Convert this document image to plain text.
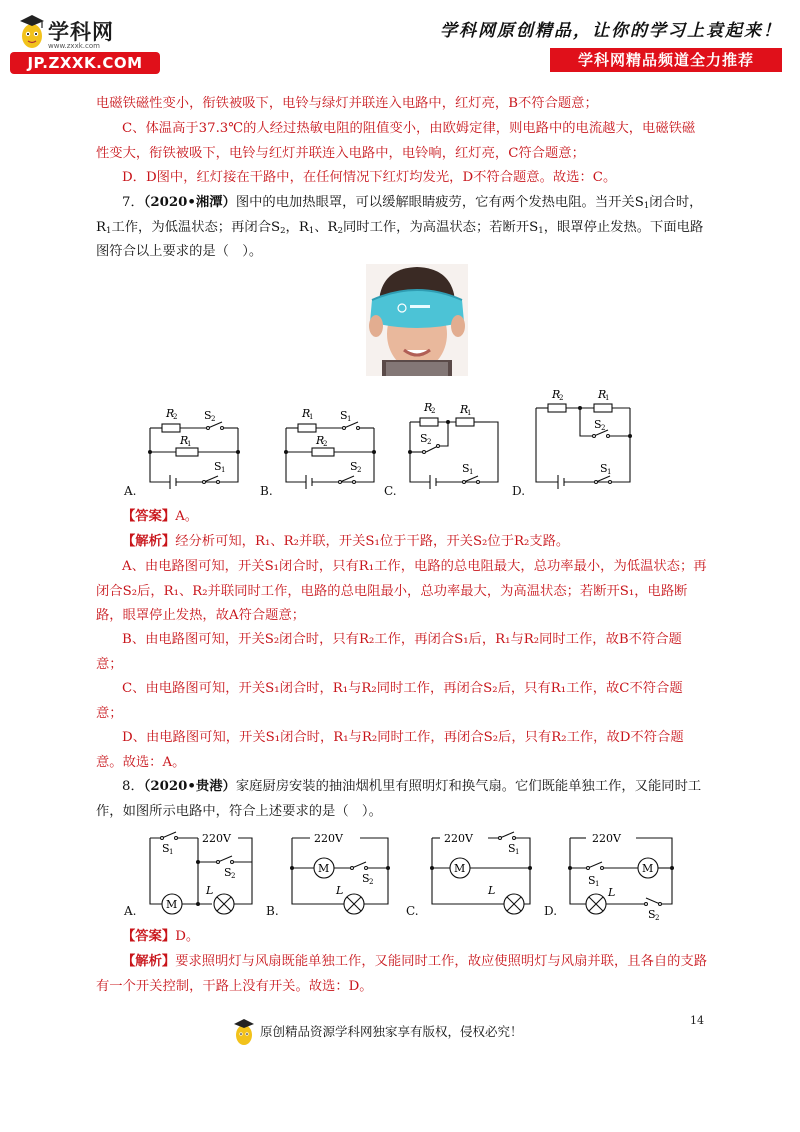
学科网
www.zxxk.com
JP.ZXXK.COM
学科网原创精品，让你的学习上袁起来！
学科网精品频道全力推荐

电磁铁磁性变小，衔铁被吸下，电铃与绿灯并联连入电路中，红灯亮，B不符合题意；

C、体温高于37.3℃的人经过热敏电阻的阻值变小，由欧姆定律，则电路中的电流越大，电磁铁磁性变大，衔铁被吸下，电铃与红灯并联连入电路中，电铃响，红灯亮，C符合题意；

D．D图中，红灯接在干路中，在任何情况下红灯均发光，D不符合题意。故选：C。

7．（2020•湘潭）图中的电加热眼罩，可以缓解眼睛疲劳，它有两个发热电阻。当开关$S_1$闭合时，$R_1$工作，为低温状态；再闭合$S_2$，$R_1$、$R_2$同时工作，为高温状态；若断开$S_1$，眼罩停止发热。下面电路图符合以上要求的是（　）。

A.
R
2 S 2
R
1
S 1
B.
R
1 S 1
R
2
S 2
C.
R
2 R
1
S 2
S 1
D.
R
2	R
1
S 2
S 1

【答案】A。

【解析】经分析可知，R₁、R₂并联，开关S₁位于干路，开关S₂位于R₂支路。

A、由电路图可知，开关S₁闭合时，只有R₁工作，电路的总电阻最大，总功率最小，为低温状态；再闭合S₂后，R₁、R₂并联同时工作，电路的总电阻最小，总功率最大，为高温状态；若断开S₁，电路断路，眼罩停止发热，故A符合题意；

B、由电路图可知，开关S₂闭合时，只有R₂工作，再闭合S₁后，R₁与R₂同时工作，故B不符合题意；

C、由电路图可知，开关S₁闭合时，R₁与R₂同时工作，再闭合S₂后，只有R₁工作，故C不符合题意；

D、由电路图可知，开关S₁闭合时，R₁与R₂同时工作，再闭合S₂后，只有R₂工作，故D不符合题意。故选：A。

8．（2020•贵港）家庭厨房安装的抽油烟机里有照明灯和换气扇。它们既能单独工作，又能同时工作，如图所示电路中，符合上述要求的是（　）。

A.	M
L
220V
S 1
S 2
B.
M
L
220V
S 2
C.
M
L
220V
S 1
D.
M
L
220V
S 1
S 2

【答案】D。

【解析】要求照明灯与风扇既能单独工作，又能同时工作，故应使照明灯与风扇并联，且各自的支路有一个开关控制，干路上没有开关。故选：D。

14
原创精品资源学科网独家享有版权，侵权必究！
